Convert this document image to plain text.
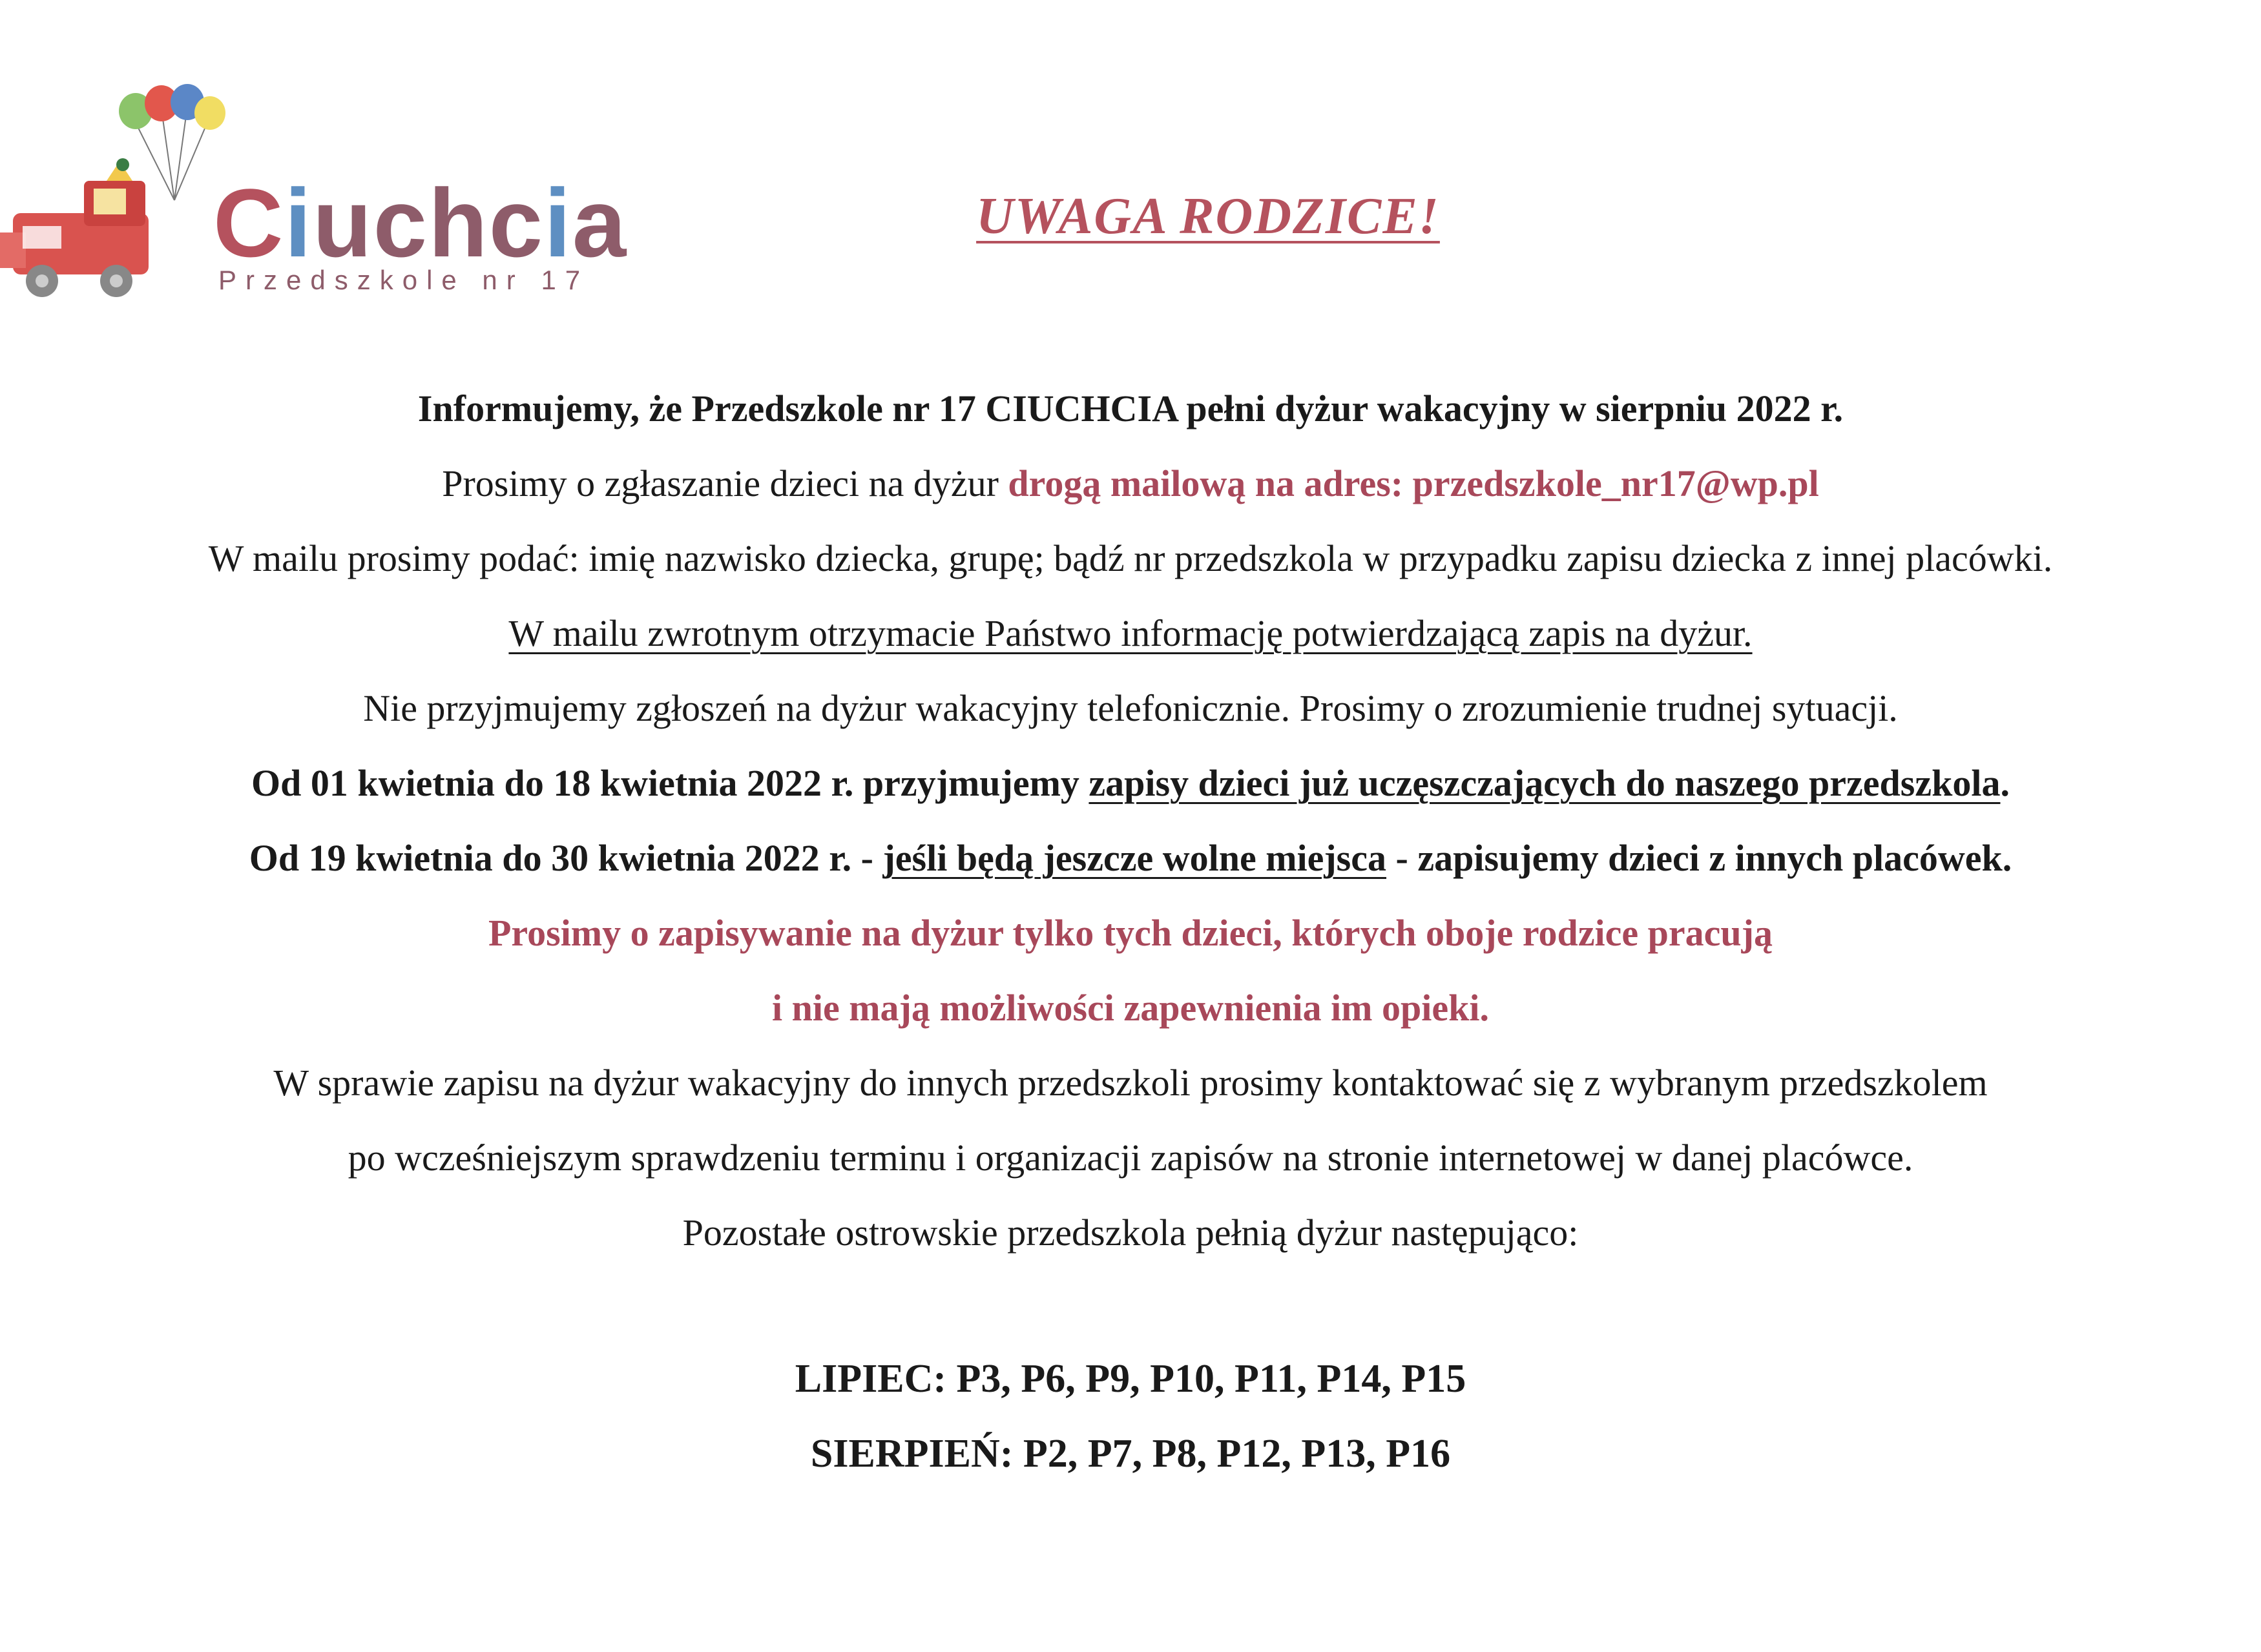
Ciuchcia
Przedszkole nr 17
UWAGA RODZICE!
Informujemy, że Przedszkole nr 17 CIUCHCIA pełni dyżur wakacyjny w sierpniu 2022 r.
Prosimy o zgłaszanie dzieci na dyżur drogą mailową na adres: przedszkole_nr17@wp.pl
W mailu prosimy podać: imię nazwisko dziecka, grupę; bądź nr przedszkola w przypadku zapisu dziecka z innej placówki.
W mailu zwrotnym otrzymacie Państwo informację potwierdzającą zapis na dyżur.
Nie przyjmujemy zgłoszeń na dyżur wakacyjny telefonicznie. Prosimy o zrozumienie trudnej sytuacji.
Od 01 kwietnia do 18 kwietnia 2022 r. przyjmujemy zapisy dzieci już uczęszczających do naszego przedszkola.
Od 19 kwietnia do 30 kwietnia 2022 r. - jeśli będą jeszcze wolne miejsca - zapisujemy dzieci z innych placówek.
Prosimy o zapisywanie na dyżur tylko tych dzieci, których oboje rodzice pracują
i nie mają możliwości zapewnienia im opieki.
W sprawie zapisu na dyżur wakacyjny do innych przedszkoli prosimy kontaktować się z wybranym przedszkolem
po wcześniejszym sprawdzeniu terminu i organizacji zapisów na stronie internetowej w danej placówce.
Pozostałe ostrowskie przedszkola pełnią dyżur następująco:
LIPIEC: P3, P6, P9, P10, P11, P14, P15
SIERPIEŃ: P2, P7, P8, P12, P13, P16
